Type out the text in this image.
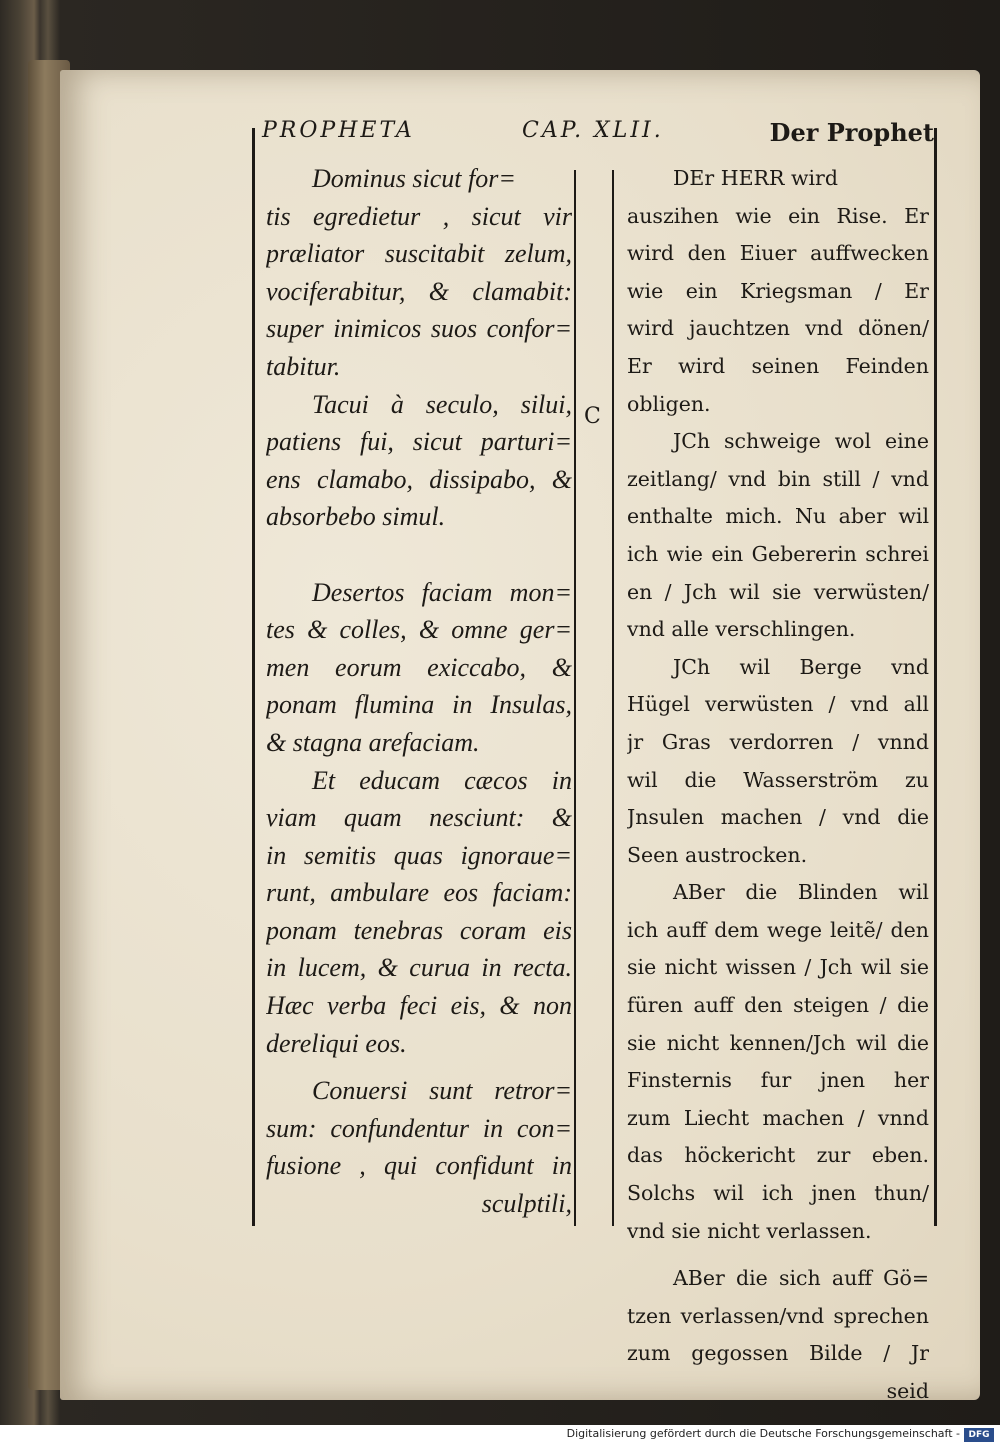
PROPHETA	CAP. XLII.	Der Prophet
C
Dominus sicut for=
tis egredietur , sicut vir
præliator suscitabit zelum,
vociferabitur, & clamabit:
super inimicos suos confor=
tabitur.
Tacui à seculo, silui,
patiens fui, sicut parturi=
ens clamabo, dissipabo, &
absorbebo simul.
Desertos faciam mon=
tes & colles, & omne ger=
men eorum exiccabo, &
ponam flumina in Insulas,
& stagna arefaciam.
Et educam cæcos in
viam quam nesciunt: &
in semitis quas ignoraue=
runt, ambulare eos faciam:
ponam tenebras coram eis
in lucem, & curua in recta.
Hæc verba feci eis, & non
dereliqui eos.
Conuersi sunt retror=
sum: confundentur in con=
fusione , qui confidunt in
sculptili,
DEr HERR wird
auszihen wie ein Rise. Er
wird den Eiuer auffwecken
wie ein Kriegsman / Er
wird jauchtzen vnd dönen/
Er wird seinen Feinden
obligen.
JCh schweige wol eine
zeitlang/ vnd bin still / vnd
enthalte mich. Nu aber wil
ich wie ein Gebererin schrei
en / Jch wil sie verwüsten/
vnd alle verschlingen.
JCh wil Berge vnd
Hügel verwüsten / vnd all
jr Gras verdorren / vnnd
wil die Wasserström zu
Jnsulen machen / vnd die
Seen austrocken.
ABer die Blinden wil
ich auff dem wege leitẽ/ den
sie nicht wissen / Jch wil sie
füren auff den steigen / die
sie nicht kennen/Jch wil die
Finsternis fur jnen her
zum Liecht machen / vnnd
das höckericht zur eben.
Solchs wil ich jnen thun/
vnd sie nicht verlassen.
ABer die sich auff Gö=
tzen verlassen/vnd sprechen
zum gegossen Bilde / Jr
seid
Digitalisierung gefördert durch die Deutsche Forschungsgemeinschaft - DFG
